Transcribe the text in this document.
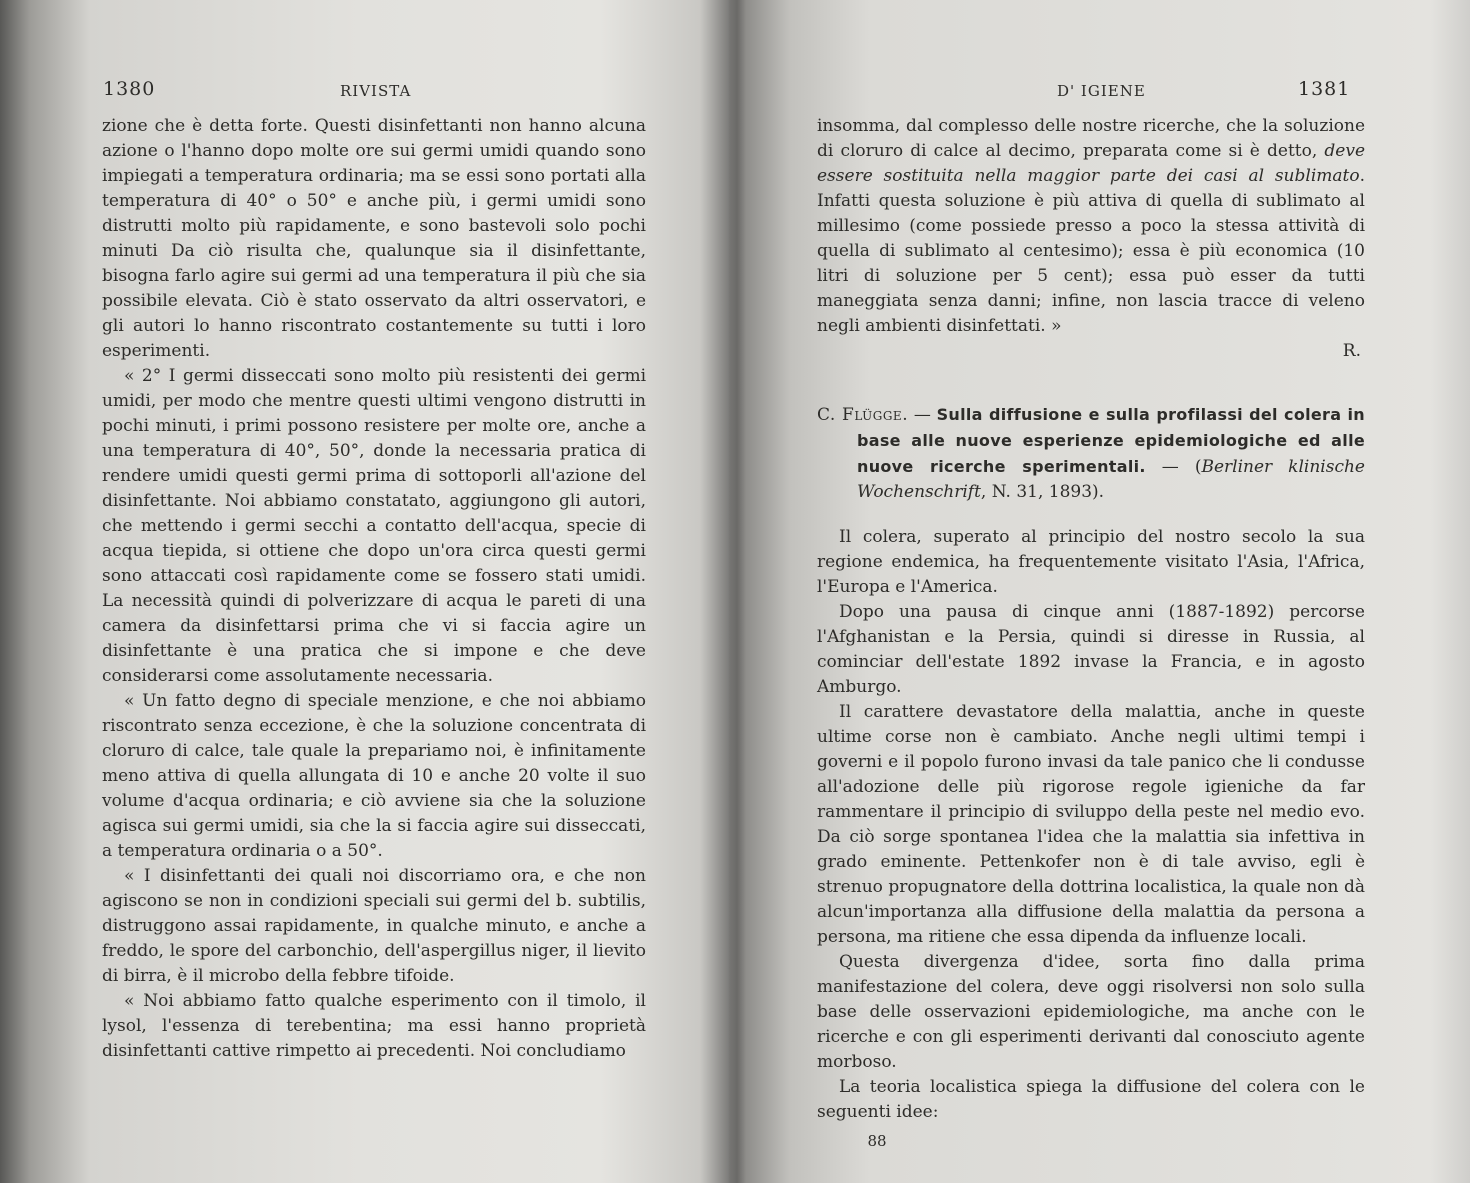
1380	RIVISTA

zione che è detta forte. Questi disinfettanti non hanno alcuna azione o l'hanno dopo molte ore sui germi umidi quando sono impiegati a temperatura ordinaria; ma se essi sono portati alla temperatura di 40° o 50° e anche più, i germi umidi sono distrutti molto più rapidamente, e sono bastevoli solo pochi minuti Da ciò risulta che, qualunque sia il disinfettante, bisogna farlo agire sui germi ad una temperatura il più che sia possibile elevata. Ciò è stato osservato da altri osservatori, e gli autori lo hanno riscontrato costantemente su tutti i loro esperimenti.

« 2° I germi disseccati sono molto più resistenti dei germi umidi, per modo che mentre questi ultimi vengono distrutti in pochi minuti, i primi possono resistere per molte ore, anche a una temperatura di 40°, 50°, donde la necessaria pratica di rendere umidi questi germi prima di sottoporli all'azione del disinfettante. Noi abbiamo constatato, aggiungono gli autori, che mettendo i germi secchi a contatto dell'acqua, specie di acqua tiepida, si ottiene che dopo un'ora circa questi germi sono attaccati così rapidamente come se fossero stati umidi. La necessità quindi di polverizzare di acqua le pareti di una camera da disinfettarsi prima che vi si faccia agire un disinfettante è una pratica che si impone e che deve considerarsi come assolutamente necessaria.

« Un fatto degno di speciale menzione, e che noi abbiamo riscontrato senza eccezione, è che la soluzione concentrata di cloruro di calce, tale quale la prepariamo noi, è infinitamente meno attiva di quella allungata di 10 e anche 20 volte il suo volume d'acqua ordinaria; e ciò avviene sia che la soluzione agisca sui germi umidi, sia che la si faccia agire sui disseccati, a temperatura ordinaria o a 50°.

« I disinfettanti dei quali noi discorriamo ora, e che non agiscono se non in condizioni speciali sui germi del b. subtilis, distruggono assai rapidamente, in qualche minuto, e anche a freddo, le spore del carbonchio, dell'aspergillus niger, il lievito di birra, è il microbo della febbre tifoide.

« Noi abbiamo fatto qualche esperimento con il timolo, il lysol, l'essenza di terebentina; ma essi hanno proprietà disinfettanti cattive rimpetto ai precedenti. Noi concludiamo

D' IGIENE	1381

insomma, dal complesso delle nostre ricerche, che la soluzione di cloruro di calce al decimo, preparata come si è detto, deve essere sostituita nella maggior parte dei casi al sublimato. Infatti questa soluzione è più attiva di quella di sublimato al millesimo (come possiede presso a poco la stessa attività di quella di sublimato al centesimo); essa è più economica (10 litri di soluzione per 5 cent); essa può esser da tutti maneggiata senza danni; infine, non lascia tracce di veleno negli ambienti disinfettati. »

R.

C. Flügge. — Sulla diffusione e sulla profilassi del colera in base alle nuove esperienze epidemiologiche ed alle nuove ricerche sperimentali. — (Berliner klinische Wochenschrift, N. 31, 1893).

Il colera, superato al principio del nostro secolo la sua regione endemica, ha frequentemente visitato l'Asia, l'Africa, l'Europa e l'America.

Dopo una pausa di cinque anni (1887-1892) percorse l'Afghanistan e la Persia, quindi si diresse in Russia, al cominciar dell'estate 1892 invase la Francia, e in agosto Amburgo.

Il carattere devastatore della malattia, anche in queste ultime corse non è cambiato. Anche negli ultimi tempi i governi e il popolo furono invasi da tale panico che li condusse all'adozione delle più rigorose regole igieniche da far rammentare il principio di sviluppo della peste nel medio evo. Da ciò sorge spontanea l'idea che la malattia sia infettiva in grado eminente. Pettenkofer non è di tale avviso, egli è strenuo propugnatore della dottrina localistica, la quale non dà alcun'importanza alla diffusione della malattia da persona a persona, ma ritiene che essa dipenda da influenze locali.

Questa divergenza d'idee, sorta fino dalla prima manifestazione del colera, deve oggi risolversi non solo sulla base delle osservazioni epidemiologiche, ma anche con le ricerche e con gli esperimenti derivanti dal conosciuto agente morboso.

La teoria localistica spiega la diffusione del colera con le seguenti idee:

88
